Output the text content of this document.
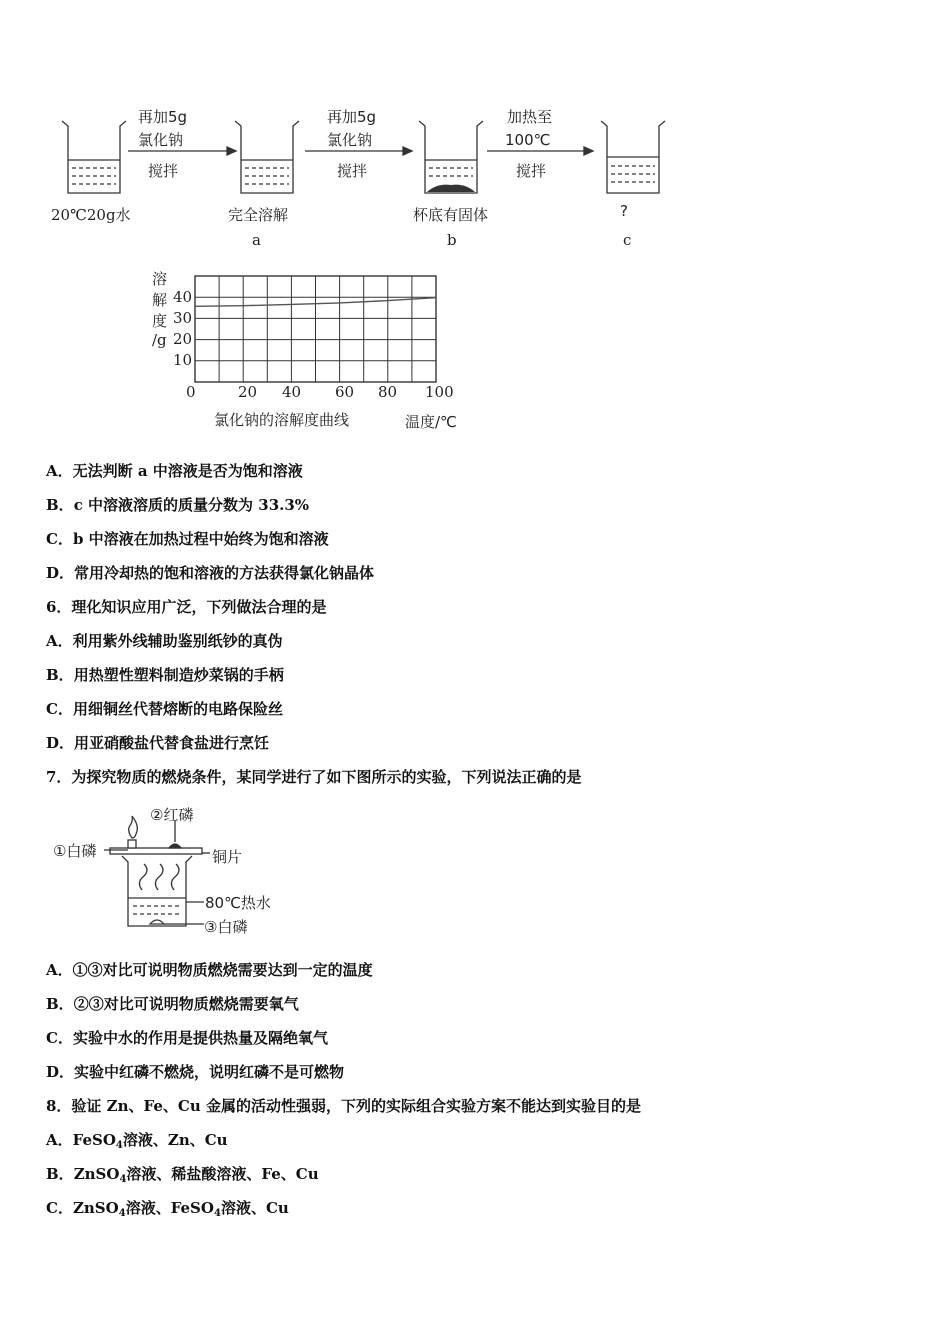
再加5g
氯化钠
搅拌
再加5g
氯化钠
搅拌
加热至
100℃
搅拌
20℃20g水	完全溶解
a
杯底有固体
b
?
c
溶
解
度
/g
40
30
20
10
0	20 40 60 80 100
氯化钠的溶解度曲线	温度/℃
A．无法判断 a 中溶液是否为饱和溶液
B．c 中溶液溶质的质量分数为 33.3%
C．b 中溶液在加热过程中始终为饱和溶液
D．常用冷却热的饱和溶液的方法获得氯化钠晶体
6．理化知识应用广泛，下列做法合理的是
A．利用紫外线辅助鉴别纸钞的真伪
B．用热塑性塑料制造炒菜锅的手柄
C．用细铜丝代替熔断的电路保险丝
D．用亚硝酸盐代替食盐进行烹饪
7．为探究物质的燃烧条件，某同学进行了如下图所示的实验，下列说法正确的是
②红磷
①白磷	铜片
80℃热水
③白磷
A．①③对比可说明物质燃烧需要达到一定的温度
B．②③对比可说明物质燃烧需要氧气
C．实验中水的作用是提供热量及隔绝氧气
D．实验中红磷不燃烧，说明红磷不是可燃物
8．验证 Zn、Fe、Cu 金属的活动性强弱，下列的实际组合实验方案不能达到实验目的是
A．FeSO$_4$溶液、Zn、Cu
B．ZnSO$_4$溶液、稀盐酸溶液、Fe、Cu
C．ZnSO$_4$溶液、FeSO$_4$溶液、Cu
